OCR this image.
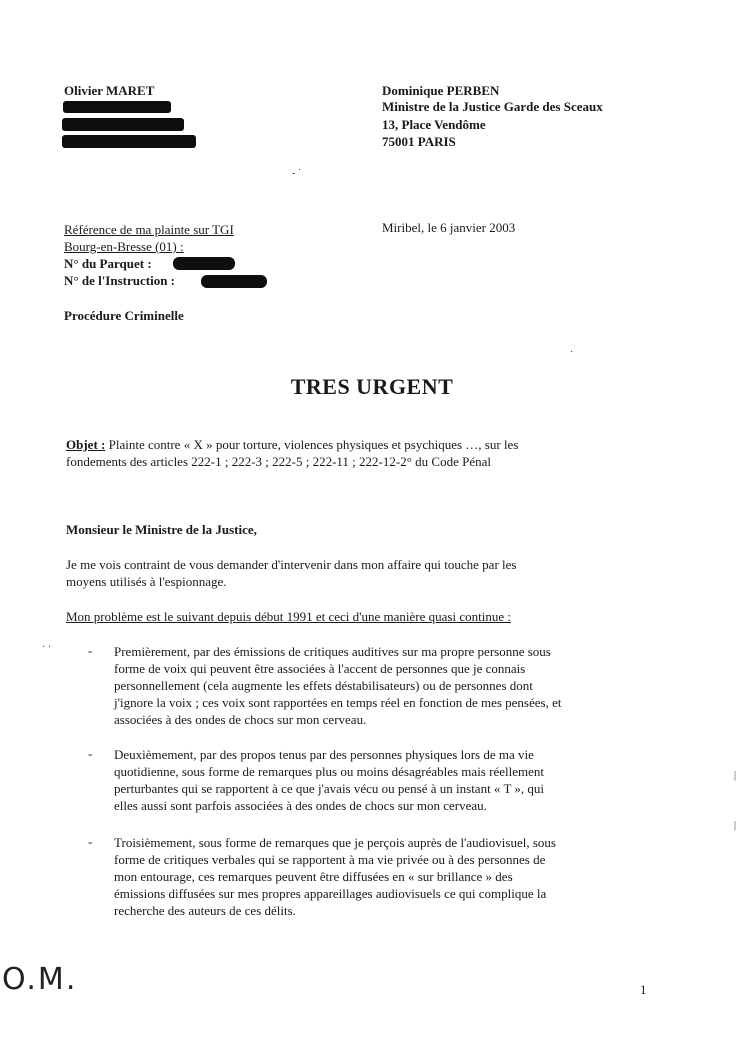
Olivier MARET	Dominique PERBEN
Ministre de la Justice Garde des Sceaux
13, Place Vendôme
75001 PARIS
- ˙
Référence de ma plainte sur TGI
Bourg-en-Bresse (01) :
N° du Parquet :
N° de l'Instruction :
Miribel, le 6 janvier 2003
Procédure Criminelle
·
TRES URGENT
Objet : Plainte contre « X » pour torture, violences physiques et psychiques …, sur les
fondements des articles 222-1 ; 222-3 ; 222-5 ; 222-11 ; 222-12-2° du Code Pénal
Monsieur le Ministre de la Justice,
Je me vois contraint de vous demander d'intervenir dans mon affaire qui touche par les
moyens utilisés à l'espionnage.
Mon problème est le suivant depuis début 1991 et ceci d'une manière quasi continue :
· ·	- Premièrement, par des émissions de critiques auditives sur ma propre personne sous
forme de voix qui peuvent être associées à l'accent de personnes que je connais
personnellement (cela augmente les effets déstabilisateurs) ou de personnes dont
j'ignore la voix ; ces voix sont rapportées en temps réel en fonction de mes pensées, et
associées à des ondes de chocs sur mon cerveau.
- Deuxièmement, par des propos tenus par des personnes physiques lors de ma vie
quotidienne, sous forme de remarques plus ou moins désagréables mais réellement
perturbantes qui se rapportent à ce que j'avais vécu ou pensé à un instant « T », qui
elles aussi sont parfois associées à des ondes de chocs sur mon cerveau.
- Troisièmement, sous forme de remarques que je perçois auprès de l'audiovisuel, sous
forme de critiques verbales qui se rapportent à ma vie privée ou à des personnes de
mon entourage, ces remarques peuvent être diffusées en « sur brillance » des
émissions diffusées sur mes propres appareillages audiovisuels ce qui complique la
recherche des auteurs de ces délits.
|
|
O.M.	1
